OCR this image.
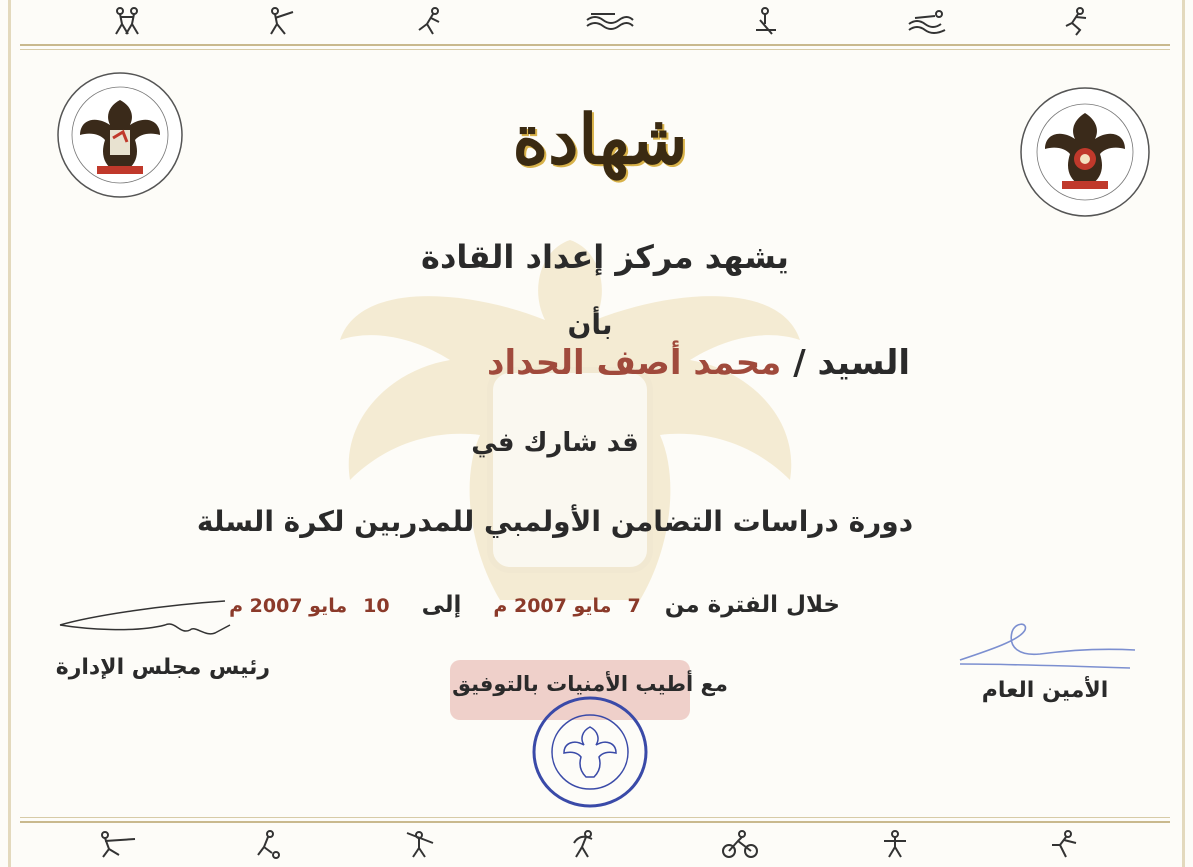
شهادة
يشهد مركز إعداد القادة
بأن
السيد / محمد أصف الحداد
قد شارك في
دورة دراسات التضامن الأولمبي للمدربين لكرة السلة
خلال الفترة من   7  مايو 2007 م    إلى    10  مايو 2007 م
مع أطيب الأمنيات بالتوفيق
رئيس مجلس الإدارة
الأمين العام
